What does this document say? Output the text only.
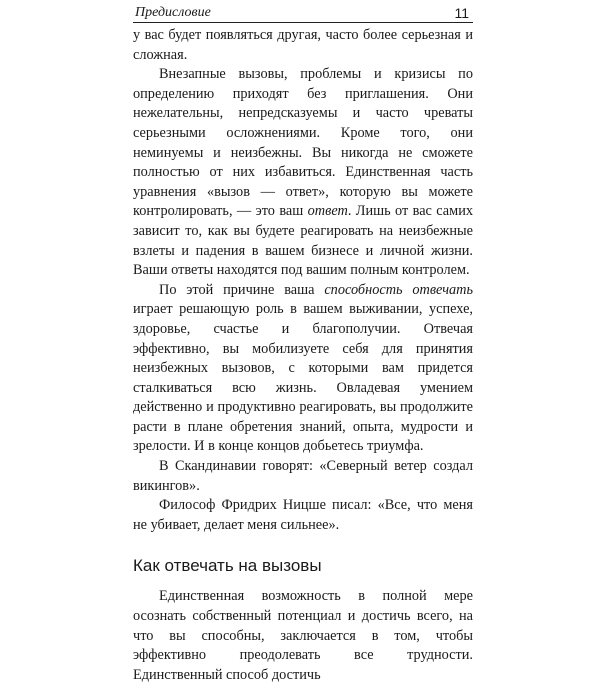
Предисловие	11

у вас будет появляться другая, часто более серьезная и сложная.

Внезапные вызовы, проблемы и кризисы по определению приходят без приглашения. Они нежелательны, непредсказуемы и часто чреваты серьезными осложнениями. Кроме того, они неминуемы и неизбежны. Вы никогда не сможете полностью от них избавиться. Единственная часть уравнения «вызов — ответ», которую вы можете контролировать, — это ваш ответ. Лишь от вас самих зависит то, как вы будете реагировать на неизбежные взлеты и падения в вашем бизнесе и личной жизни. Ваши ответы находятся под вашим полным контролем.

По этой причине ваша способность отвечать играет решающую роль в вашем выживании, успехе, здоровье, счастье и благополучии. Отвечая эффективно, вы мобилизуете себя для принятия неизбежных вызовов, с которыми вам придется сталкиваться всю жизнь. Овладевая умением действенно и продуктивно реагировать, вы продолжите расти в плане обретения знаний, опыта, мудрости и зрелости. И в конце концов добьетесь триумфа.

В Скандинавии говорят: «Северный ветер создал викингов».

Философ Фридрих Ницше писал: «Все, что меня не убивает, делает меня сильнее».

Как отвечать на вызовы

Единственная возможность в полной мере осознать собственный потенциал и достичь всего, на что вы способны, заключается в том, чтобы эффективно преодолевать все трудности. Единственный способ достичь
